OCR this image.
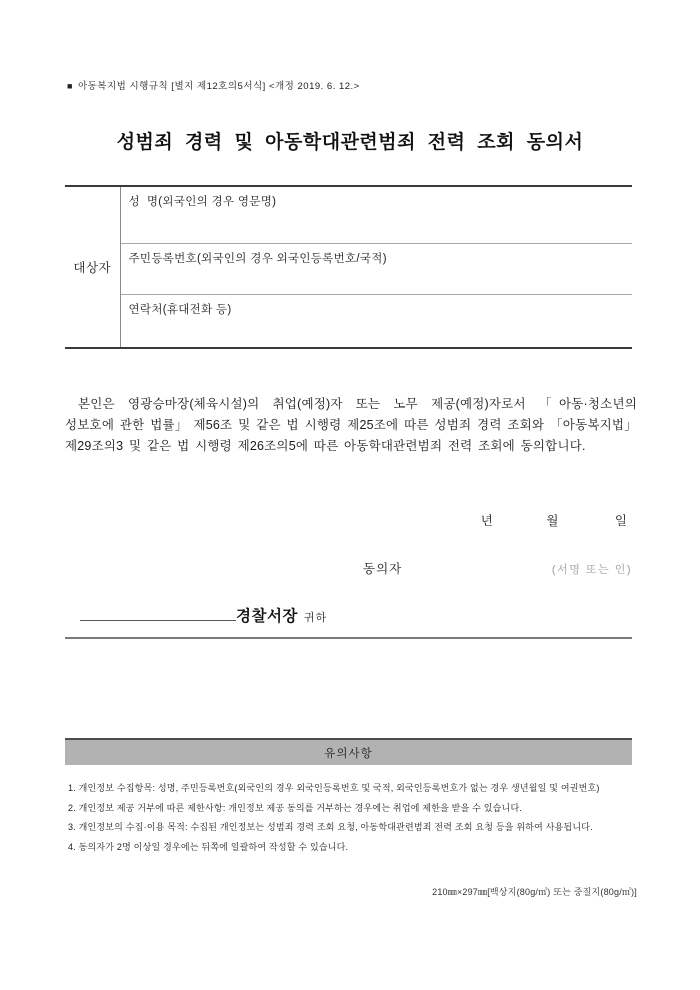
■ 아동복지법 시행규칙 [별지 제12호의5서식] <개정 2019. 6. 12.>
성범죄 경력 및 아동학대관련범죄 전력 조회 동의서
대상자	성  명(외국인의 경우 영문명)
주민등록번호(외국인의 경우 외국인등록번호/국적)
연락처(휴대전화 등)

본인은 영광승마장(체육시설)의 취업(예정)자 또는 노무 제공(예정)자로서 「아동·청소년의 성보호에 관한 법률」 제56조 및 같은 법 시행령 제25조에 따른 성범죄 경력 조회와 「아동복지법」 제29조의3 및 같은 법 시행령 제26조의5에 따른 아동학대관련범죄 전력 조회에 동의합니다.

년	월	일
동의자	(서명 또는 인)
경찰서장 귀하
유의사항
1. 개인정보 수집항목: 성명, 주민등록번호(외국인의 경우 외국인등록번호 및 국적, 외국인등록번호가 없는 경우 생년월일 및 여권번호)
2. 개인정보 제공 거부에 따른 제한사항: 개인정보 제공 동의를 거부하는 경우에는 취업에 제한을 받을 수 있습니다.
3. 개인정보의 수집·이용 목적: 수집된 개인정보는 성범죄 경력 조회 요청, 아동학대관련범죄 전력 조회 요청 등을 위하여 사용됩니다.
4. 동의자가 2명 이상일 경우에는 뒤쪽에 일괄하여 작성할 수 있습니다.
210㎜×297㎜[백상지(80g/㎡) 또는 중질지(80g/㎡)]
